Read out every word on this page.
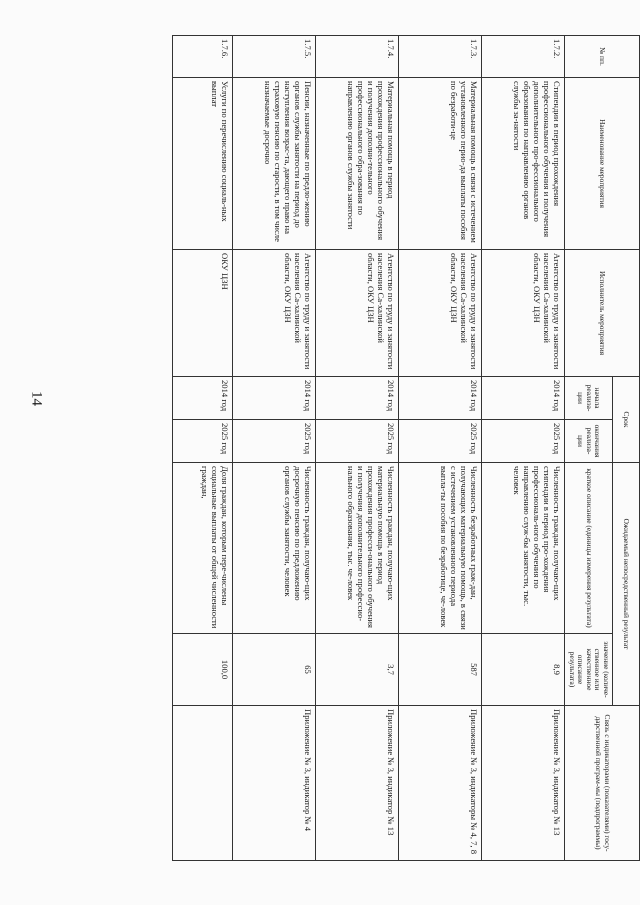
14
№ пп.	Наименование мероприятия	Исполнитель мероприятия	Срок		Ожидаемый непосредственный результат		Связь с индикаторами (показателями) госу-дарственной програм-мы (подпрограммы)
			начала реализа-ции	окончания реализа-ции	краткое описание (единицы измерения результата)	значение (количе-ственное или качественное описание результата)	
1.7.2.	Стипендии в период прохождения профессионального обучения и получения дополнительного про-фессионального образования по направлению органов службы за-нятости	Агентство по труду и занятости населения Са-халинской области, ОКУ ЦЗН	2014 год	2025 год	Численность граждан, получаю-щих стипендии в период про-хождения профессиональ-ного обучения по направлению служ-бы занятости, тыс. человек	8,9	Приложение № 3, индикатор № 13
1.7.3.	Материальная помощь в связи с истечением установленного перио-да выплаты пособия по безработи-це	Агентство по труду и занятости населения Са-халинской области, ОКУ ЦЗН	2014 год	2025 год	Численность безработных граж-дан, получающих материальную помощь, в связи с истечением установленного периода выпла-ты пособия по безработице, че-ловек	587	Приложение № 3, индикаторы № 4, 7, 8
1.7.4.	Материальная помощь в период прохождения профессионального обучения и получения дополни-тельного профессионального обра-зования по направлению органов службы занятости	Агентство по труду и занятости населения Са-халинской области, ОКУ ЦЗН	2014 год	2025 год	Численность граждан, получаю-щих материальную помощь в период прохождения професси-онального обучения и получения дополнительного профессио-нального образования, тыс. че-ловек	3,7	Приложение № 3, индикатор № 13
1.7.5.	Пенсии, назначенные по предло-жению органов службы занятости на период до наступления возрас-та, дающего право на страховую пенсию по старости, в том числе назначаемые досрочно	Агентство по труду и занятости населения Са-халинской области, ОКУ ЦЗН	2014 год	2025 год	Численность граждан, получаю-щих досрочную пенсию по предложению органов службы занятости, человек	65	Приложение № 3, индикатор № 4
1.7.6.	Услуги по перечислению социаль-ных выплат	ОКУ ЦЗН	2014 год	2025 год	Доля граждан, которым пере-числены социальные выплаты от общей численности граждан,	100,0	
